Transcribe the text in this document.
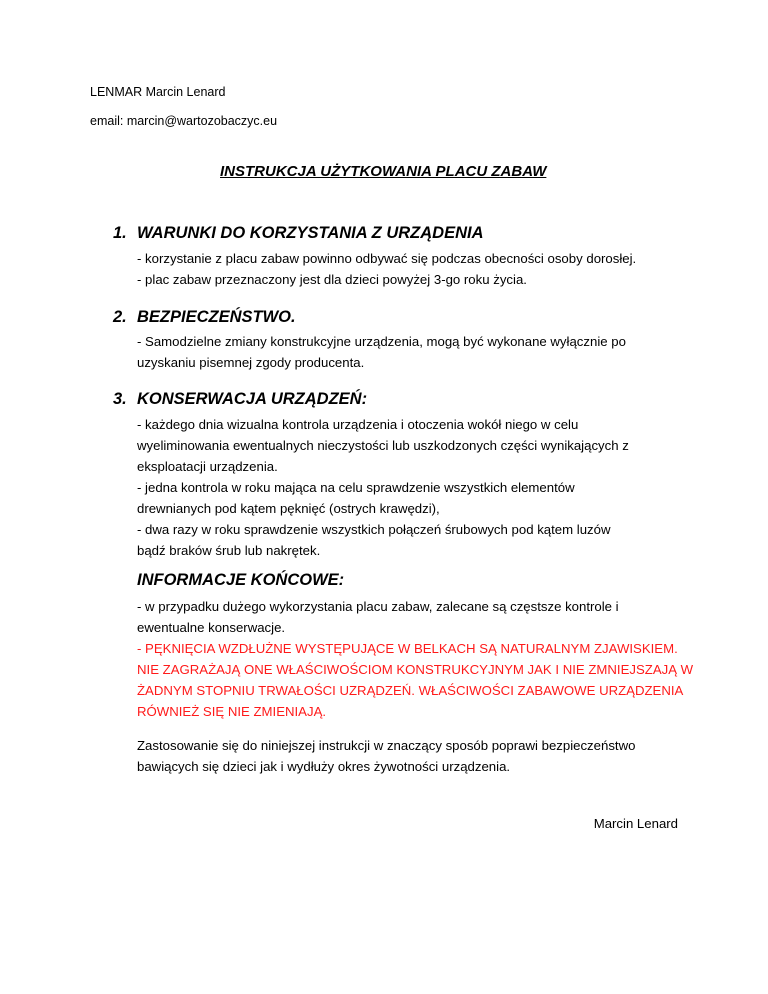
LENMAR Marcin Lenard
email: marcin@wartozobaczyc.eu
INSTRUKCJA UŻYTKOWANIA PLACU ZABAW
1. WARUNKI DO KORZYSTANIA Z URZĄDENIA
- korzystanie z placu zabaw powinno odbywać się podczas obecności osoby dorosłej.
- plac zabaw przeznaczony jest dla dzieci powyżej 3-go roku życia.
2. BEZPIECZEŃSTWO.
- Samodzielne zmiany konstrukcyjne urządzenia, mogą być wykonane wyłącznie po
uzyskaniu pisemnej zgody producenta.
3. KONSERWACJA URZĄDZEŃ:
- każdego dnia wizualna kontrola urządzenia i otoczenia wokół niego w celu
wyeliminowania ewentualnych nieczystości lub uszkodzonych części wynikających z
eksploatacji urządzenia.
- jedna kontrola w roku mająca na celu sprawdzenie wszystkich elementów
drewnianych pod kątem pęknięć (ostrych krawędzi),
- dwa razy w roku sprawdzenie wszystkich połączeń śrubowych pod kątem luzów
bądź braków śrub lub nakrętek.
INFORMACJE KOŃCOWE:
- w przypadku dużego wykorzystania placu zabaw, zalecane są częstsze kontrole i
ewentualne konserwacje.
- PĘKNIĘCIA WZDŁUŻNE WYSTĘPUJĄCE W BELKACH SĄ NATURALNYM ZJAWISKIEM.
NIE ZAGRAŻAJĄ ONE WŁAŚCIWOŚCIOM KONSTRUKCYJNYM JAK I NIE ZMNIEJSZAJĄ W
ŻADNYM STOPNIU TRWAŁOŚCI UZRĄDZEŃ. WŁAŚCIWOŚCI ZABAWOWE URZĄDZENIA
RÓWNIEŻ SIĘ NIE ZMIENIAJĄ.
Zastosowanie się do niniejszej instrukcji w znaczący sposób poprawi bezpieczeństwo
bawiących się dzieci jak i wydłuży okres żywotności urządzenia.
Marcin Lenard
